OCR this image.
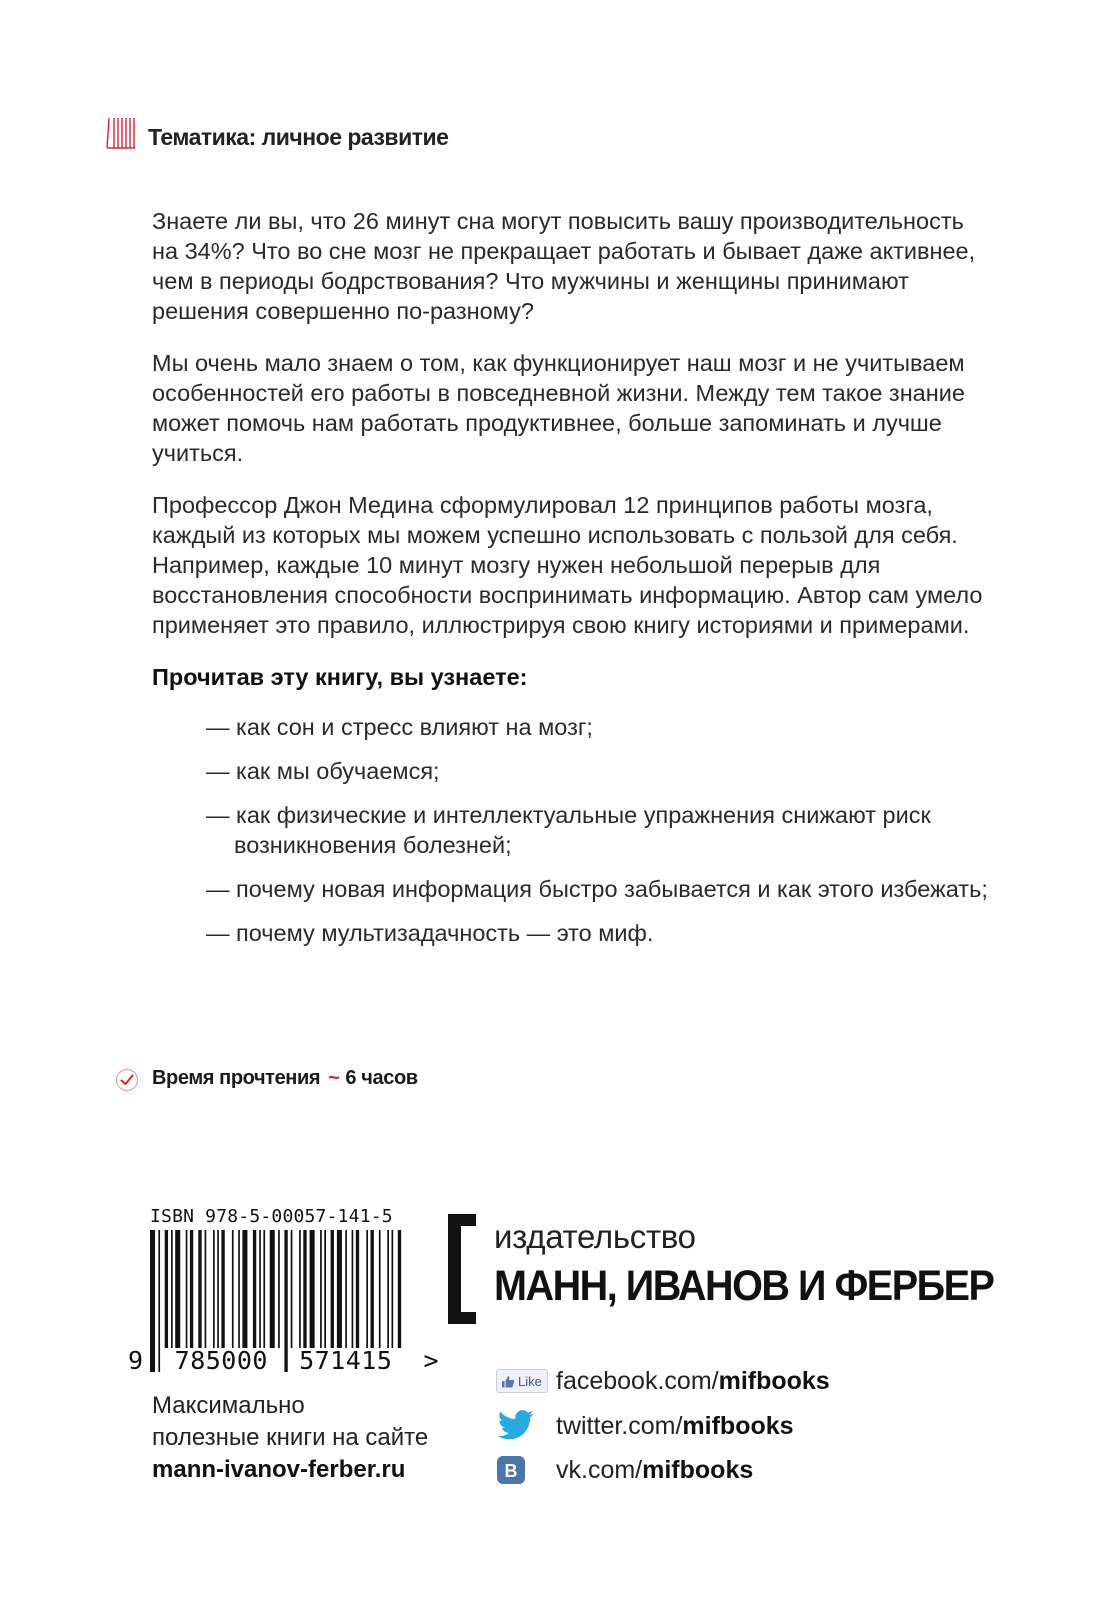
Тематика: личное развитие

Знаете ли вы, что 26 минут сна могут повысить вашу производительность на 34%? Что во сне мозг не прекращает работать и бывает даже активнее, чем в периоды бодрствования? Что мужчины и женщины принимают решения совершенно по-разному?

Мы очень мало знаем о том, как функционирует наш мозг и не учитываем особенностей его работы в повседневной жизни. Между тем такое знание может помочь нам работать продуктивнее, больше запоминать и лучше учиться.

Профессор Джон Медина сформулировал 12 принципов работы мозга, каждый из которых мы можем успешно использовать с пользой для себя. Например, каждые 10 минут мозгу нужен небольшой перерыв для восстановления способности воспринимать информацию. Автор сам умело применяет это правило, иллюстрируя свою книгу историями и примерами.

Прочитав эту книгу, вы узнаете:

— как сон и стресс влияют на мозг;
— как мы обучаемся;
— как физические и интеллектуальные упражнения снижают риск возникновения болезней;
— почему новая информация быстро забывается и как этого избежать;
— почему мультизадачность — это миф.
Время прочтения ~ 6 часов
ISBN 978-5-00057-141-5
9  785000  571415  >
Максимально
полезные книги на сайте
mann-ivanov-ferber.ru
издательство
МАНН, ИВАНОВ И ФЕРБЕР
Like facebook.com/mifbooks
twitter.com/mifbooks
В vk.com/mifbooks
